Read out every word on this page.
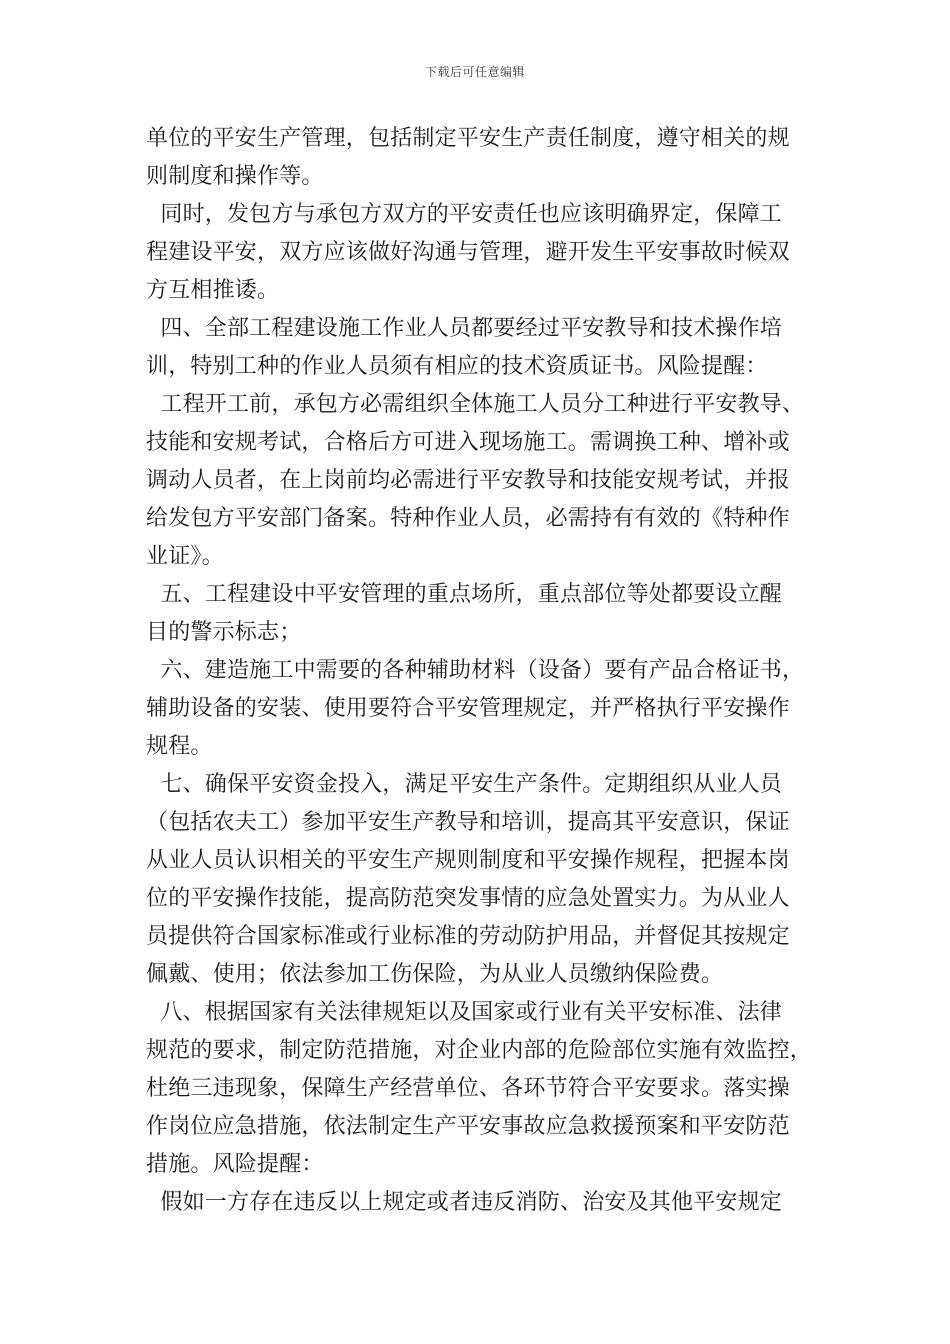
下载后可任意编辑
单位的平安生产管理，包括制定平安生产责任制度，遵守相关的规
则制度和操作等。
同时，发包方与承包方双方的平安责任也应该明确界定，保障工
程建设平安，双方应该做好沟通与管理，避开发生平安事故时候双
方互相推诿。
四、全部工程建设施工作业人员都要经过平安教导和技术操作培
训，特别工种的作业人员须有相应的技术资质证书。风险提醒：
工程开工前，承包方必需组织全体施工人员分工种进行平安教导、
技能和安规考试，合格后方可进入现场施工。需调换工种、增补或
调动人员者，在上岗前均必需进行平安教导和技能安规考试，并报
给发包方平安部门备案。特种作业人员，必需持有有效的《特种作
业证》。
五、工程建设中平安管理的重点场所，重点部位等处都要设立醒
目的警示标志；
六、建造施工中需要的各种辅助材料（设备）要有产品合格证书，
辅助设备的安装、使用要符合平安管理规定，并严格执行平安操作
规程。
七、确保平安资金投入，满足平安生产条件。定期组织从业人员
（包括农夫工）参加平安生产教导和培训，提高其平安意识，保证
从业人员认识相关的平安生产规则制度和平安操作规程，把握本岗
位的平安操作技能，提高防范突发事情的应急处置实力。为从业人
员提供符合国家标准或行业标准的劳动防护用品，并督促其按规定
佩戴、使用；依法参加工伤保险，为从业人员缴纳保险费。
八、根据国家有关法律规矩以及国家或行业有关平安标准、法律
规范的要求，制定防范措施，对企业内部的危险部位实施有效监控，
杜绝三违现象，保障生产经营单位、各环节符合平安要求。落实操
作岗位应急措施，依法制定生产平安事故应急救援预案和平安防范
措施。风险提醒：
假如一方存在违反以上规定或者违反消防、治安及其他平安规定
